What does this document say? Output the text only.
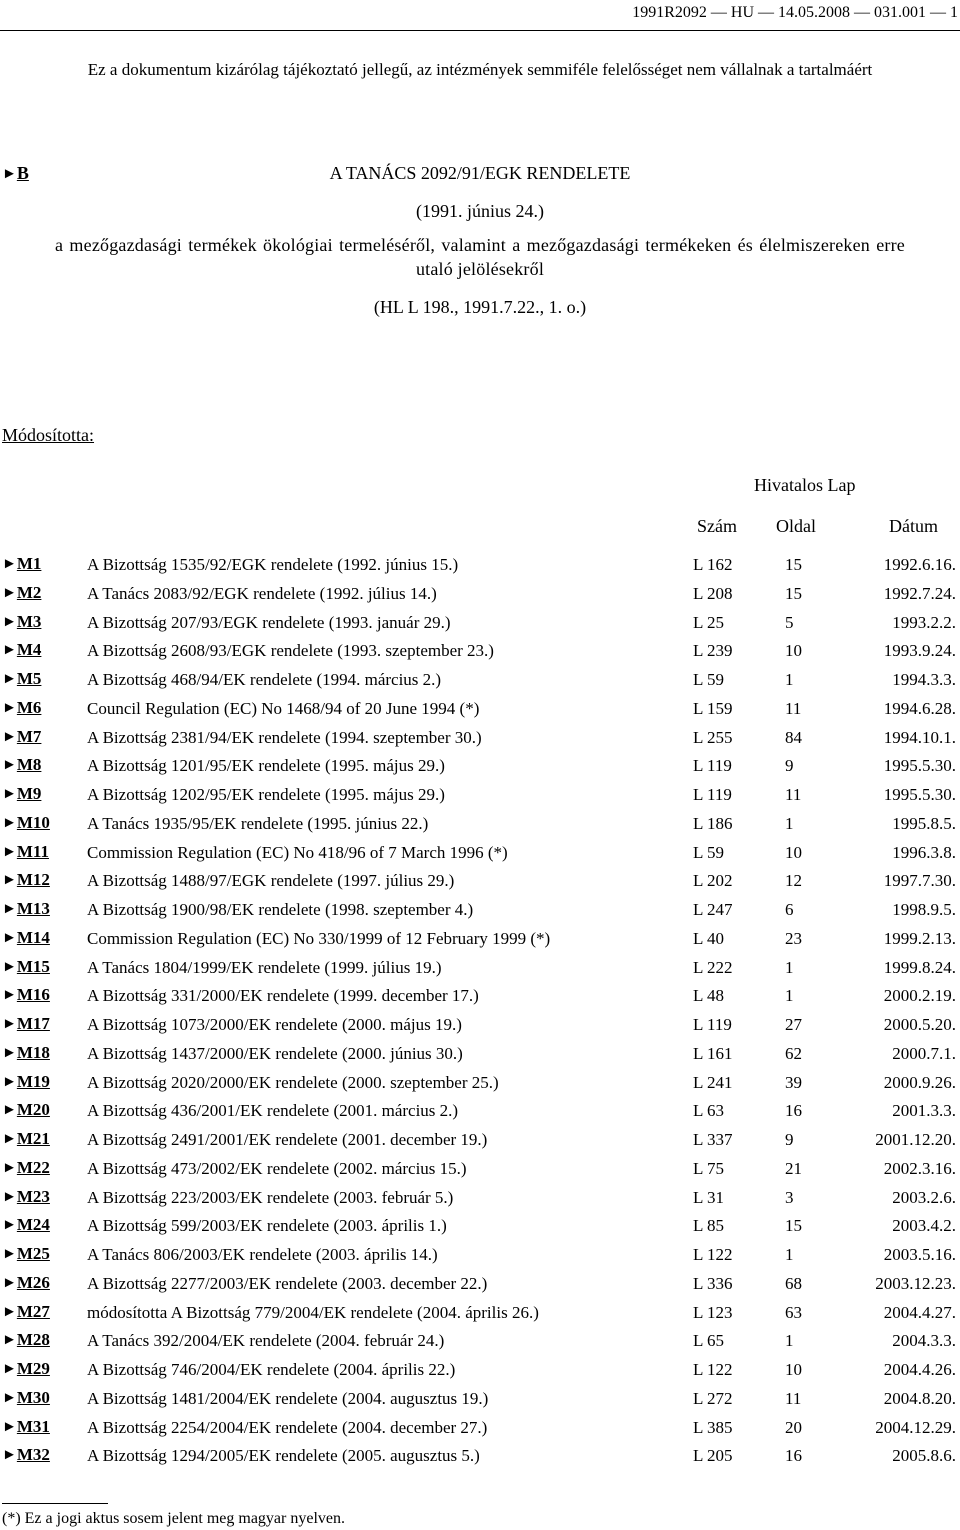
1991R2092 — HU — 14.05.2008 — 031.001 — 1
Ez a dokumentum kizárólag tájékoztató jellegű, az intézmények semmiféle felelősséget nem vállalnak a tartalmáért
►B	A TANÁCS 2092/91/EGK RENDELETE
(1991. június 24.)
a mezőgazdasági termékek ökológiai termeléséről, valamint a mezőgazdasági termékeken és élelmiszereken erre utaló jelölésekről
(HL L 198., 1991.7.22., 1. o.)
Módosította:
Hivatalos Lap
Szám Oldal	Dátum
►M1	A Bizottság 1535/92/EGK rendelete (1992. június 15.)	L 162	15	1992.6.16.
►M2	A Tanács 2083/92/EGK rendelete (1992. július 14.)	L 208	15	1992.7.24.
►M3	A Bizottság 207/93/EGK rendelete (1993. január 29.)	L 25	5	1993.2.2.
►M4	A Bizottság 2608/93/EGK rendelete (1993. szeptember 23.)	L 239	10	1993.9.24.
►M5	A Bizottság 468/94/EK rendelete (1994. március 2.)	L 59	1	1994.3.3.
►M6	Council Regulation (EC) No 1468/94 of 20 June 1994 (*)	L 159	11	1994.6.28.
►M7	A Bizottság 2381/94/EK rendelete (1994. szeptember 30.)	L 255	84	1994.10.1.
►M8	A Bizottság 1201/95/EK rendelete (1995. május 29.)	L 119	9	1995.5.30.
►M9	A Bizottság 1202/95/EK rendelete (1995. május 29.)	L 119	11	1995.5.30.
►M10 A Tanács 1935/95/EK rendelete (1995. június 22.)	L 186	1	1995.8.5.
►M11 Commission Regulation (EC) No 418/96 of 7 March 1996 (*)	L 59	10	1996.3.8.
►M12 A Bizottság 1488/97/EGK rendelete (1997. július 29.)	L 202	12	1997.7.30.
►M13 A Bizottság 1900/98/EK rendelete (1998. szeptember 4.)	L 247	6	1998.9.5.
►M14 Commission Regulation (EC) No 330/1999 of 12 February 1999 (*)	L 40	23	1999.2.13.
►M15 A Tanács 1804/1999/EK rendelete (1999. július 19.)	L 222	1	1999.8.24.
►M16 A Bizottság 331/2000/EK rendelete (1999. december 17.)	L 48	1	2000.2.19.
►M17 A Bizottság 1073/2000/EK rendelete (2000. május 19.)	L 119	27	2000.5.20.
►M18 A Bizottság 1437/2000/EK rendelete (2000. június 30.)	L 161	62	2000.7.1.
►M19 A Bizottság 2020/2000/EK rendelete (2000. szeptember 25.)	L 241	39	2000.9.26.
►M20 A Bizottság 436/2001/EK rendelete (2001. március 2.)	L 63	16	2001.3.3.
►M21 A Bizottság 2491/2001/EK rendelete (2001. december 19.)	L 337	9	2001.12.20.
►M22 A Bizottság 473/2002/EK rendelete (2002. március 15.)	L 75	21	2002.3.16.
►M23 A Bizottság 223/2003/EK rendelete (2003. február 5.)	L 31	3	2003.2.6.
►M24 A Bizottság 599/2003/EK rendelete (2003. április 1.)	L 85	15	2003.4.2.
►M25 A Tanács 806/2003/EK rendelete (2003. április 14.)	L 122	1	2003.5.16.
►M26 A Bizottság 2277/2003/EK rendelete (2003. december 22.)	L 336	68	2003.12.23.
►M27 módosította A Bizottság 779/2004/EK rendelete (2004. április 26.)	L 123	63	2004.4.27.
►M28 A Tanács 392/2004/EK rendelete (2004. február 24.)	L 65	1	2004.3.3.
►M29 A Bizottság 746/2004/EK rendelete (2004. április 22.)	L 122	10	2004.4.26.
►M30 A Bizottság 1481/2004/EK rendelete (2004. augusztus 19.)	L 272	11	2004.8.20.
►M31 A Bizottság 2254/2004/EK rendelete (2004. december 27.)	L 385	20	2004.12.29.
►M32 A Bizottság 1294/2005/EK rendelete (2005. augusztus 5.)	L 205	16	2005.8.6.
(*) Ez a jogi aktus sosem jelent meg magyar nyelven.
